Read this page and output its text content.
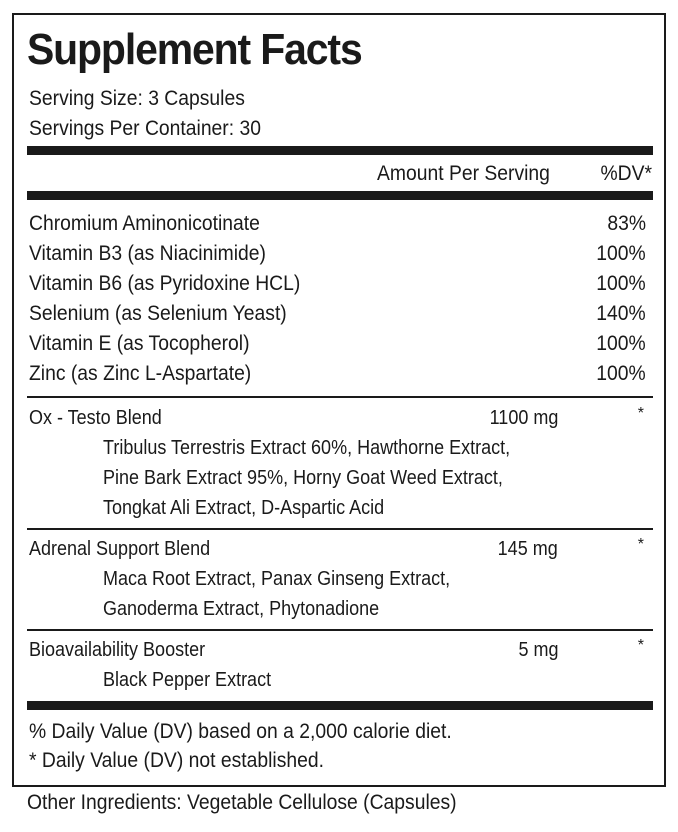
Supplement Facts
Serving Size: 3 Capsules
Servings Per Container: 30
Amount Per Serving %DV*
Chromium Aminonicotinate	83%
Vitamin B3 (as Niacinimide)	100%
Vitamin B6 (as Pyridoxine HCL)	100%
Selenium (as Selenium Yeast)	140%
Vitamin E (as Tocopherol)	100%
Zinc (as Zinc L-Aspartate)	100%
Ox - Testo Blend	1100 mg	*
Tribulus Terrestris Extract 60%, Hawthorne Extract,
Pine Bark Extract 95%, Horny Goat Weed Extract,
Tongkat Ali Extract, D-Aspartic Acid
Adrenal Support Blend	145 mg	*
Maca Root Extract, Panax Ginseng Extract,
Ganoderma Extract, Phytonadione
Bioavailability Booster	5 mg	*
Black Pepper Extract
% Daily Value (DV) based on a 2,000 calorie diet.
* Daily Value (DV) not established.
Other Ingredients: Vegetable Cellulose (Capsules)
